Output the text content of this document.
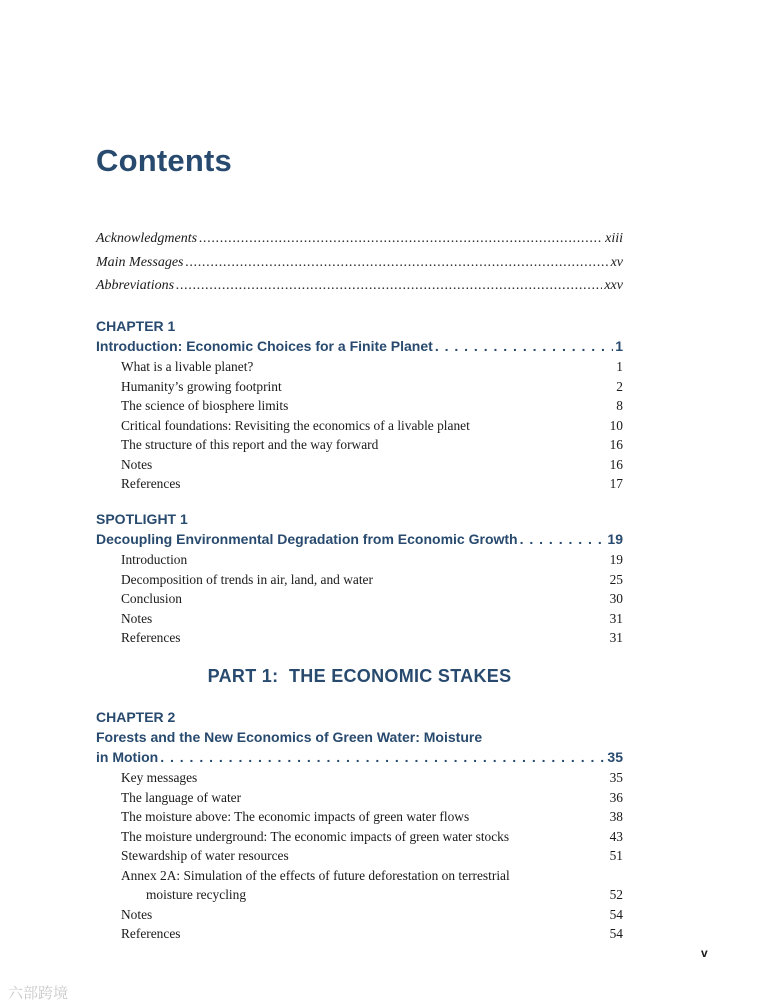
Contents
Acknowledgments . . .	xiii
Main Messages . . .	xv
Abbreviations . . .	xxv
CHAPTER 1
Introduction: Economic Choices for a Finite Planet . . .	1
What is a livable planet?	1
Humanity’s growing footprint	2
The science of biosphere limits	8
Critical foundations: Revisiting the economics of a livable planet	10
The structure of this report and the way forward	16
Notes	16
References	17
SPOTLIGHT 1
Decoupling Environmental Degradation from Economic Growth . . .	19
Introduction	19
Decomposition of trends in air, land, and water	25
Conclusion	30
Notes	31
References	31
PART 1:  THE ECONOMIC STAKES
CHAPTER 2
Forests and the New Economics of Green Water: Moisture
in Motion . . .	35
Key messages	35
The language of water	36
The moisture above: The economic impacts of green water flows	38
The moisture underground: The economic impacts of green water stocks	43
Stewardship of water resources	51
Annex 2A: Simulation of the effects of future deforestation on terrestrial
moisture recycling	52
Notes	54
References	54
v
六部跨境
